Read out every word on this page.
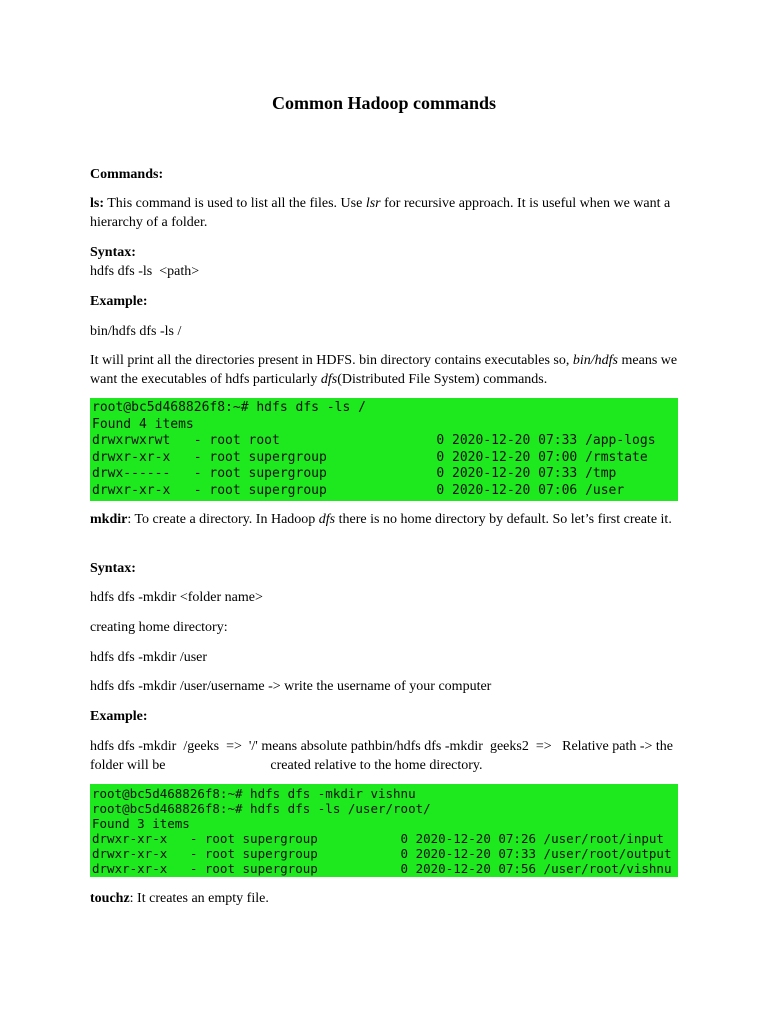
Common Hadoop commands
Commands:
ls: This command is used to list all the files. Use lsr for recursive approach. It is useful when we want a hierarchy of a folder.
Syntax:
hdfs dfs -ls  <path>
Example:
bin/hdfs dfs -ls /
It will print all the directories present in HDFS. bin directory contains executables so, bin/hdfs means we want the executables of hdfs particularly dfs(Distributed File System) commands.
root@bc5d468826f8:~# hdfs dfs -ls /
Found 4 items
drwxrwxrwt   - root root                    0 2020-12-20 07:33 /app-logs
drwxr-xr-x   - root supergroup              0 2020-12-20 07:00 /rmstate
drwx------   - root supergroup              0 2020-12-20 07:33 /tmp
drwxr-xr-x   - root supergroup              0 2020-12-20 07:06 /user
mkdir: To create a directory. In Hadoop dfs there is no home directory by default. So let’s first create it.
Syntax:
hdfs dfs -mkdir <folder name>
creating home directory:
hdfs dfs -mkdir /user
hdfs dfs -mkdir /user/username -> write the username of your computer
Example:
hdfs dfs -mkdir  /geeks  =>  '/' means absolute pathbin/hdfs dfs -mkdir  geeks2  =>   Relative path -> the folder will be                              created relative to the home directory.
root@bc5d468826f8:~# hdfs dfs -mkdir vishnu
root@bc5d468826f8:~# hdfs dfs -ls /user/root/
Found 3 items
drwxr-xr-x   - root supergroup           0 2020-12-20 07:26 /user/root/input
drwxr-xr-x   - root supergroup           0 2020-12-20 07:33 /user/root/output
drwxr-xr-x   - root supergroup           0 2020-12-20 07:56 /user/root/vishnu
touchz: It creates an empty file.
